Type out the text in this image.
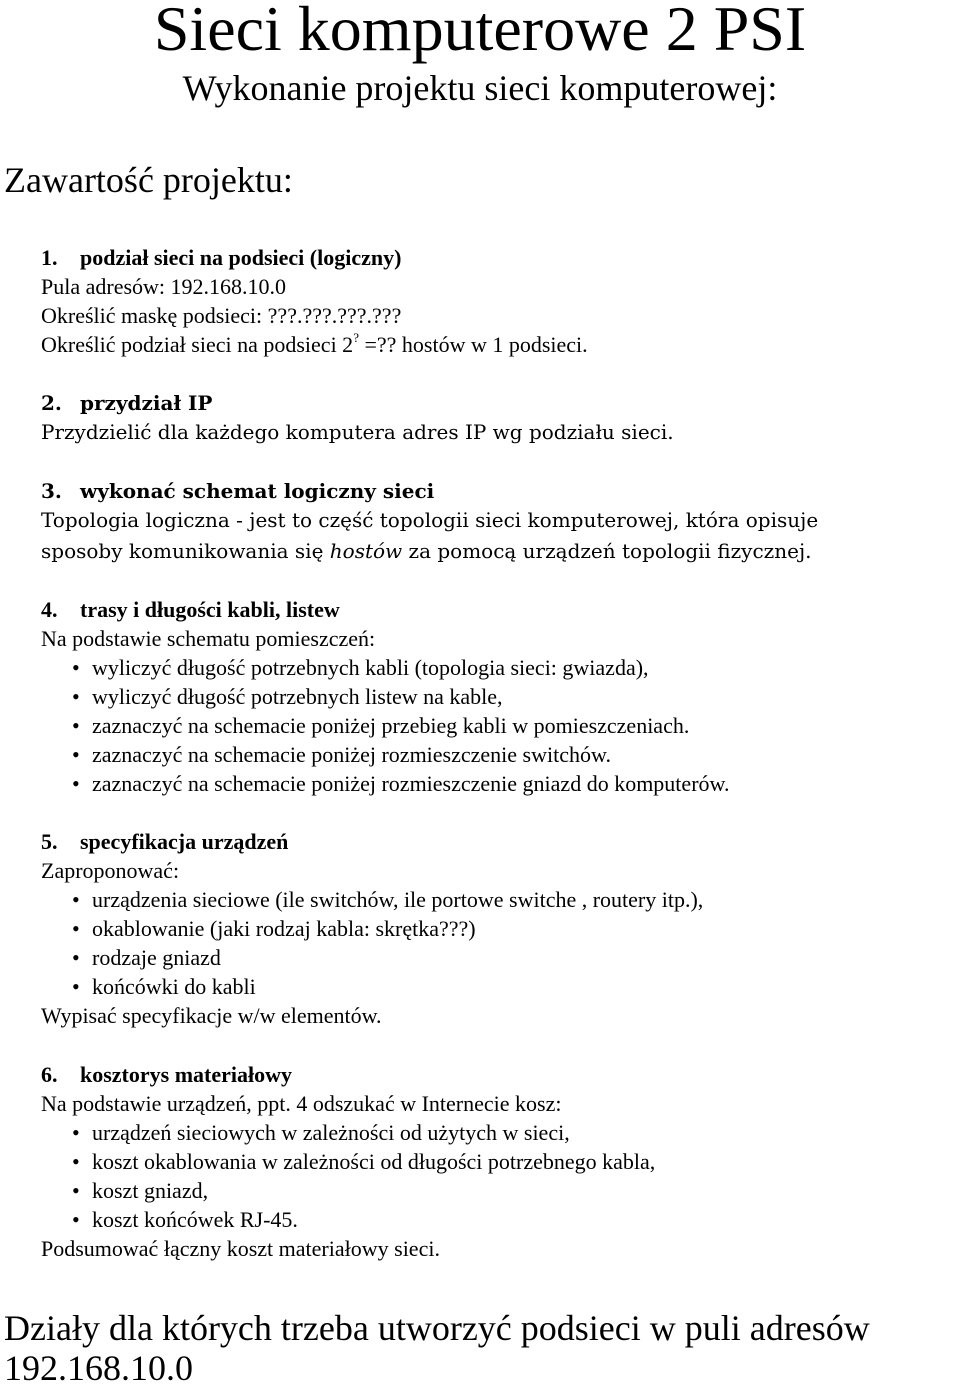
Sieci komputerowe 2 PSI
Wykonanie projektu sieci komputerowej:
Zawartość projektu:
1. podział sieci na podsieci (logiczny)
Pula adresów: 192.168.10.0
Określić maskę podsieci: ???.???.???.???
Określić podział sieci na podsieci 2? =?? hostów w 1 podsieci.
2. przydział IP
Przydzielić dla każdego komputera adres IP wg podziału sieci.
3. wykonać schemat logiczny sieci
Topologia logiczna - jest to część topologii sieci komputerowej, która opisuje
sposoby komunikowania się hostów za pomocą urządzeń topologii fizycznej.
4. trasy i długości kabli, listew
Na podstawie schematu pomieszczeń:
• wyliczyć długość potrzebnych kabli (topologia sieci: gwiazda),
• wyliczyć długość potrzebnych listew na kable,
• zaznaczyć na schemacie poniżej przebieg kabli w pomieszczeniach.
• zaznaczyć na schemacie poniżej rozmieszczenie switchów.
• zaznaczyć na schemacie poniżej rozmieszczenie gniazd do komputerów.
5. specyfikacja urządzeń
Zaproponować:
• urządzenia sieciowe (ile switchów, ile portowe switche , routery itp.),
• okablowanie (jaki rodzaj kabla: skrętka???)
• rodzaje gniazd
• końcówki do kabli
Wypisać specyfikacje w/w elementów.
6. kosztorys materiałowy
Na podstawie urządzeń, ppt. 4 odszukać w Internecie kosz:
• urządzeń sieciowych w zależności od użytych w sieci,
• koszt okablowania w zależności od długości potrzebnego kabla,
• koszt gniazd,
• koszt końcówek RJ-45.
Podsumować łączny koszt materiałowy sieci.
Działy dla których trzeba utworzyć podsieci w puli adresów
192.168.10.0
